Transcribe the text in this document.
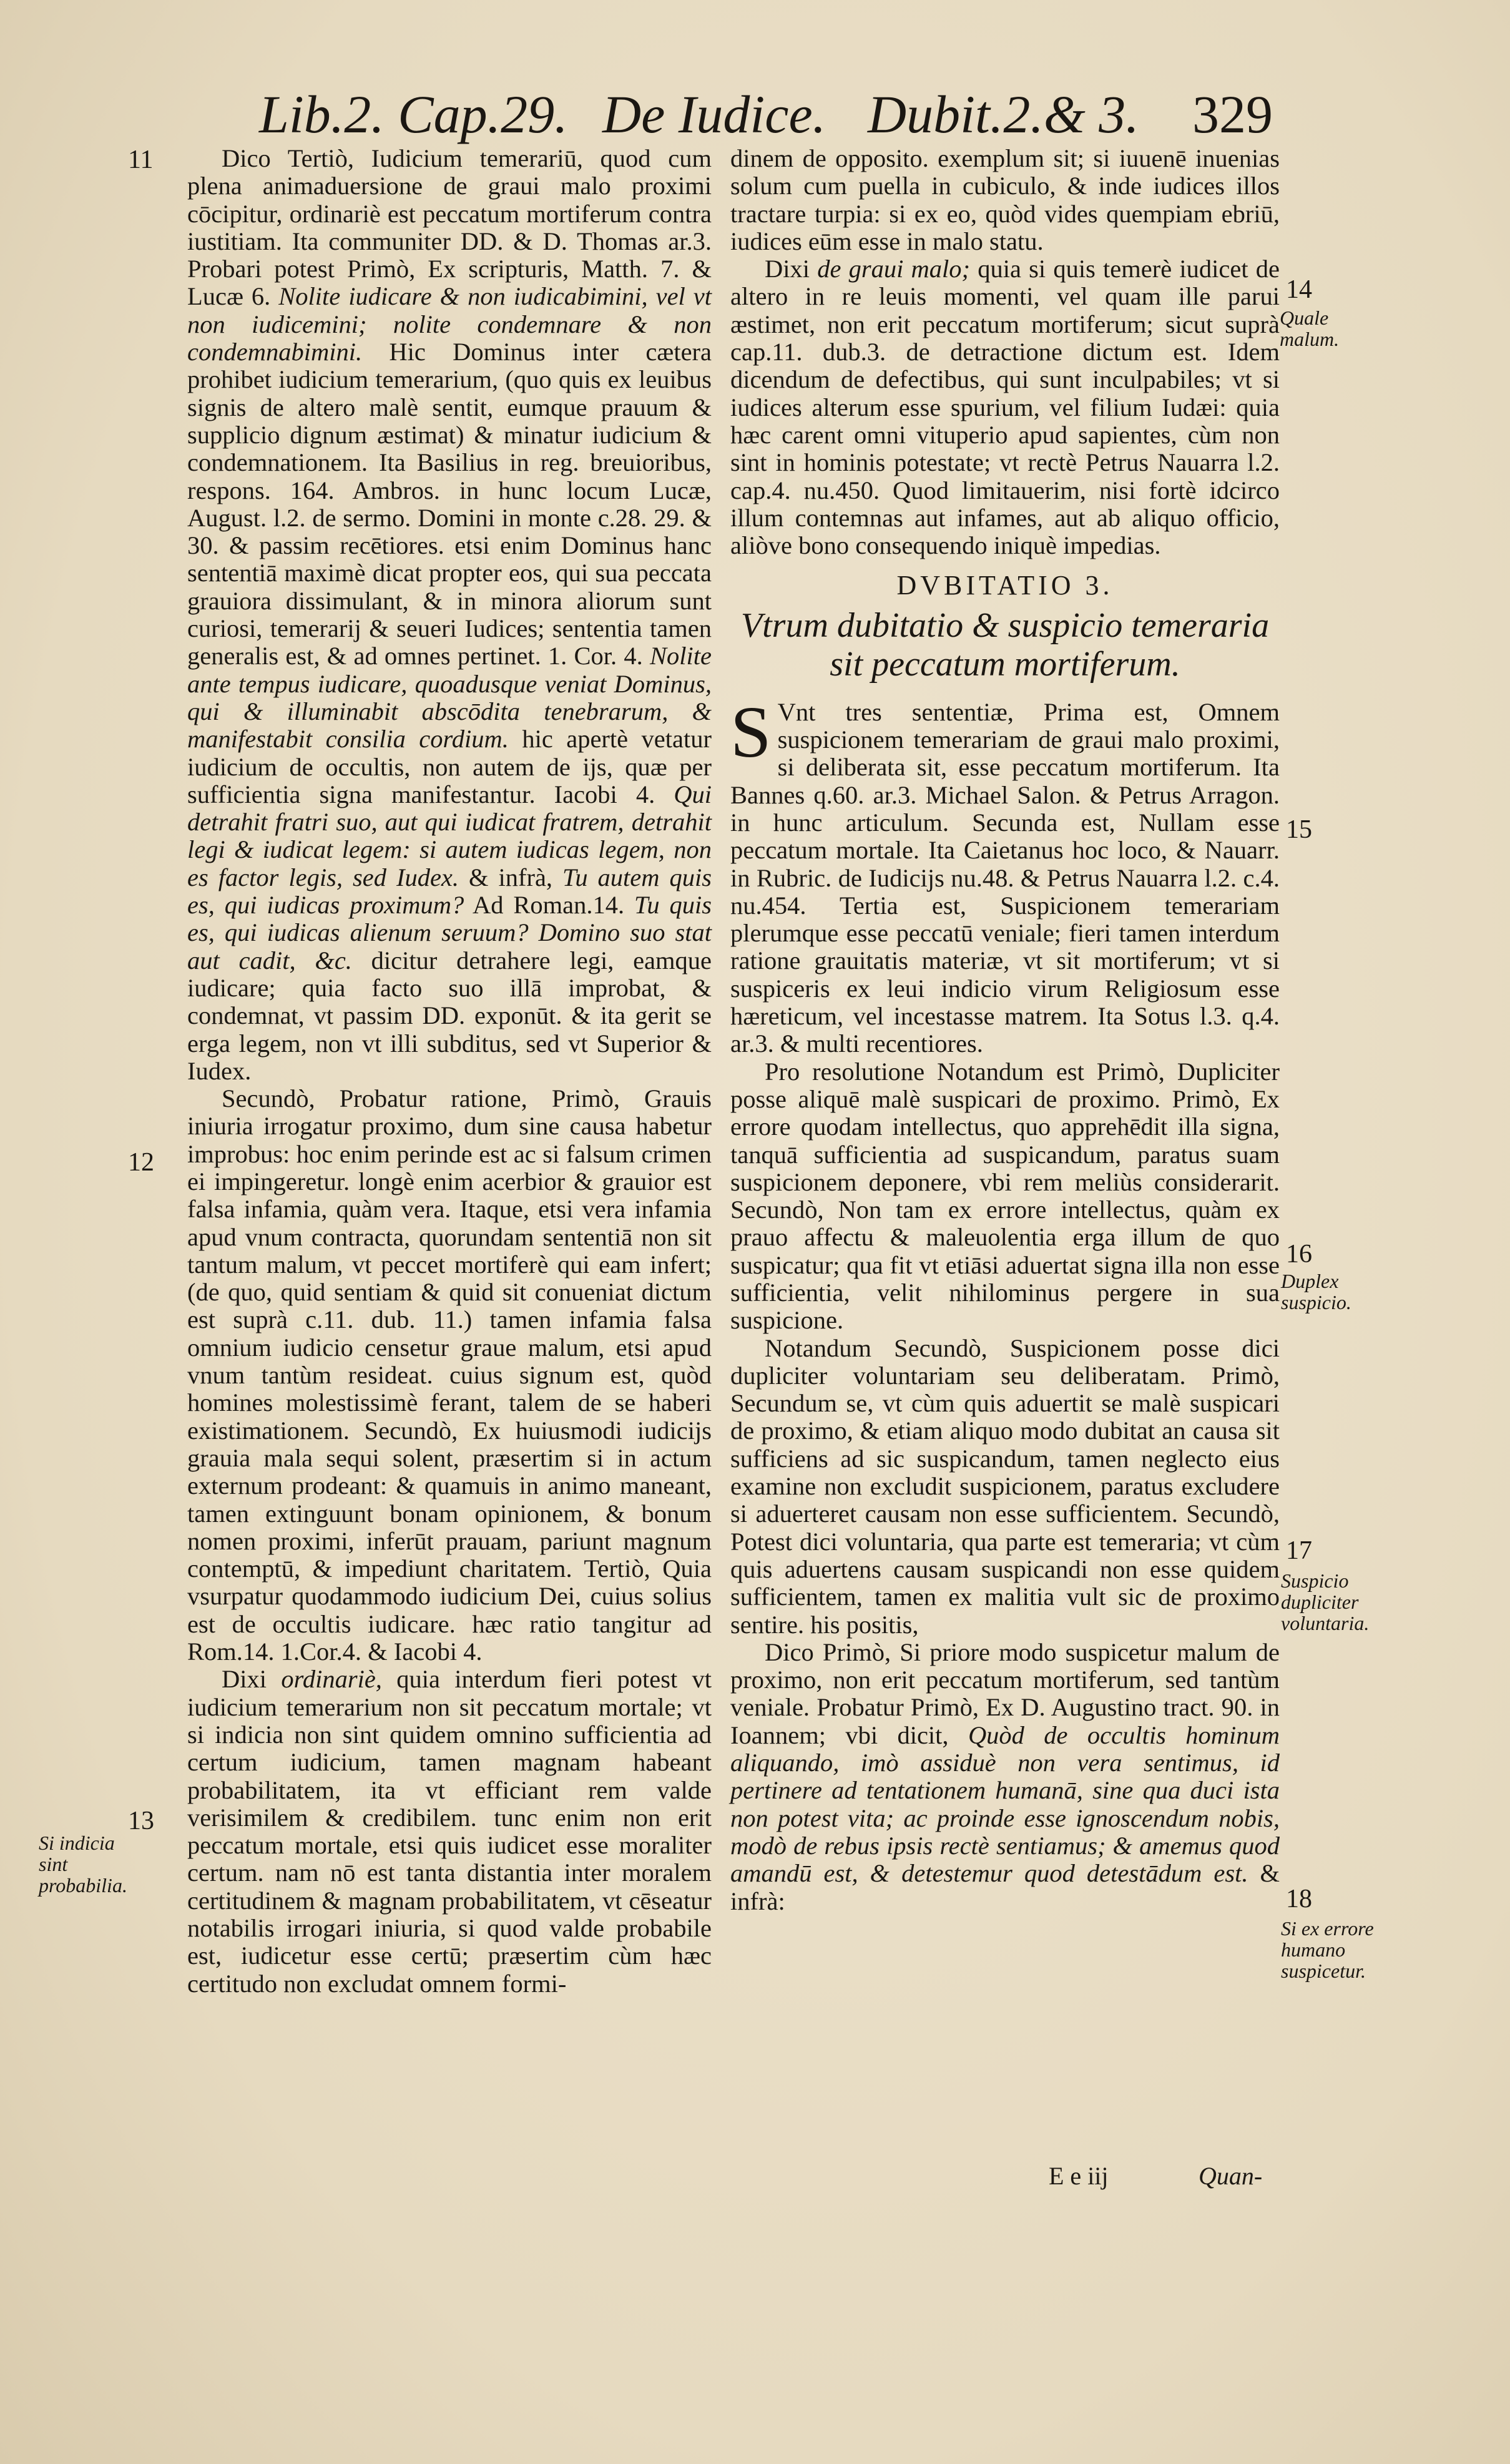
Lib.2. Cap.29. De Iudice. Dubit.2.& 3. 329
11
12
13
Si indicia sint probabilia.
14
Quale malum.
15
16
Duplex suspicio.
17
Suspicio dupliciter voluntaria.
18
Si ex errore humano suspicetur.

Dico Tertiò, Iudicium temerariū, quod cum plena animaduersione de graui malo proximi cōcipitur, ordinariè est peccatum mortiferum contra iustitiam. Ita communiter DD. & D. Thomas ar.3. Probari potest Primò, Ex scripturis, Matth. 7. & Lucæ 6. Nolite iudicare & non iudicabimini, vel vt non iudicemini; nolite condemnare & non condemnabimini. Hic Dominus inter cætera prohibet iudicium temerarium, (quo quis ex leuibus signis de altero malè sentit, eumque prauum & supplicio dignum æstimat) & minatur iudicium & condemnationem. Ita Basilius in reg. breuioribus, respons. 164. Ambros. in hunc locum Lucæ, August. l.2. de sermo. Domini in monte c.28. 29. & 30. & passim recētiores. etsi enim Dominus hanc sententiā maximè dicat propter eos, qui sua peccata grauiora dissimulant, & in minora aliorum sunt curiosi, temerarij & seueri Iudices; sententia tamen generalis est, & ad omnes pertinet. 1. Cor. 4. Nolite ante tempus iudicare, quoadusque veniat Dominus, qui & illuminabit abscōdita tenebrarum, & manifestabit consilia cordium. hic apertè vetatur iudicium de occultis, non autem de ijs, quæ per sufficientia signa manifestantur. Iacobi 4. Qui detrahit fratri suo, aut qui iudicat fratrem, detrahit legi & iudicat legem: si autem iudicas legem, non es factor legis, sed Iudex. & infrà, Tu autem quis es, qui iudicas proximum? Ad Roman.14. Tu quis es, qui iudicas alienum seruum? Domino suo stat aut cadit, &c. dicitur detrahere legi, eamque iudicare; quia facto suo illā improbat, & condemnat, vt passim DD. exponūt. & ita gerit se erga legem, non vt illi subditus, sed vt Superior & Iudex.

Secundò, Probatur ratione, Primò, Grauis iniuria irrogatur proximo, dum sine causa habetur improbus: hoc enim perinde est ac si falsum crimen ei impingeretur. longè enim acerbior & grauior est falsa infamia, quàm vera. Itaque, etsi vera infamia apud vnum contracta, quorundam sententiā non sit tantum malum, vt peccet mortiferè qui eam infert; (de quo, quid sentiam & quid sit conueniat dictum est suprà c.11. dub. 11.) tamen infamia falsa omnium iudicio censetur graue malum, etsi apud vnum tantùm resideat. cuius signum est, quòd homines molestissimè ferant, talem de se haberi existimationem. Secundò, Ex huiusmodi iudicijs grauia mala sequi solent, præsertim si in actum externum prodeant: & quamuis in animo maneant, tamen extinguunt bonam opinionem, & bonum nomen proximi, inferūt prauam, pariunt magnum contemptū, & impediunt charitatem. Tertiò, Quia vsurpatur quodammodo iudicium Dei, cuius solius est de occultis iudicare. hæc ratio tangitur ad Rom.14. 1.Cor.4. & Iacobi 4.

Dixi ordinariè, quia interdum fieri potest vt iudicium temerarium non sit peccatum mortale; vt si indicia non sint quidem omnino sufficientia ad certum iudicium, tamen magnam habeant probabilitatem, ita vt efficiant rem valde verisimilem & credibilem. tunc enim non erit peccatum mortale, etsi quis iudicet esse moraliter certum. nam nō est tanta distantia inter moralem certitudinem & magnam probabilitatem, vt cēseatur notabilis irrogari iniuria, si quod valde probabile est, iudicetur esse certū; præsertim cùm hæc certitudo non excludat omnem formi-

dinem de opposito. exemplum sit; si iuuenē inuenias solum cum puella in cubiculo, & inde iudices illos tractare turpia: si ex eo, quòd vides quempiam ebriū, iudices eūm esse in malo statu.

Dixi de graui malo; quia si quis temerè iudicet de altero in re leuis momenti, vel quam ille parui æstimet, non erit peccatum mortiferum; sicut suprà cap.11. dub.3. de detractione dictum est. Idem dicendum de defectibus, qui sunt inculpabiles; vt si iudices alterum esse spurium, vel filium Iudæi: quia hæc carent omni vituperio apud sapientes, cùm non sint in hominis potestate; vt rectè Petrus Nauarra l.2. cap.4. nu.450. Quod limitauerim, nisi fortè idcirco illum contemnas aut infames, aut ab aliquo officio, aliòve bono consequendo iniquè impedias.

DVBITATIO 3.
Vtrum dubitatio & suspicio temeraria sit peccatum mortiferum.

S Vnt tres sententiæ, Prima est, Omnem suspicionem temerariam de graui malo proximi, si deliberata sit, esse peccatum mortiferum. Ita Bannes q.60. ar.3. Michael Salon. & Petrus Arragon. in hunc articulum. Secunda est, Nullam esse peccatum mortale. Ita Caietanus hoc loco, & Nauarr. in Rubric. de Iudicijs nu.48. & Petrus Nauarra l.2. c.4. nu.454. Tertia est, Suspicionem temerariam plerumque esse peccatū veniale; fieri tamen interdum ratione grauitatis materiæ, vt sit mortiferum; vt si suspiceris ex leui indicio virum Religiosum esse hæreticum, vel incestasse matrem. Ita Sotus l.3. q.4. ar.3. & multi recentiores.

Pro resolutione Notandum est Primò, Dupliciter posse aliquē malè suspicari de proximo. Primò, Ex errore quodam intellectus, quo apprehēdit illa signa, tanquā sufficientia ad suspicandum, paratus suam suspicionem deponere, vbi rem meliùs considerarit. Secundò, Non tam ex errore intellectus, quàm ex prauo affectu & maleuolentia erga illum de quo suspicatur; qua fit vt etiāsi aduertat signa illa non esse sufficientia, velit nihilominus pergere in sua suspicione.

Notandum Secundò, Suspicionem posse dici dupliciter voluntariam seu deliberatam. Primò, Secundum se, vt cùm quis aduertit se malè suspicari de proximo, & etiam aliquo modo dubitat an causa sit sufficiens ad sic suspicandum, tamen neglecto eius examine non excludit suspicionem, paratus excludere si aduerteret causam non esse sufficientem. Secundò, Potest dici voluntaria, qua parte est temeraria; vt cùm quis aduertens causam suspicandi non esse quidem sufficientem, tamen ex malitia vult sic de proximo sentire. his positis,

Dico Primò, Si priore modo suspicetur malum de proximo, non erit peccatum mortiferum, sed tantùm veniale. Probatur Primò, Ex D. Augustino tract. 90. in Ioannem; vbi dicit, Quòd de occultis hominum aliquando, imò assiduè non vera sentimus, id pertinere ad tentationem humanā, sine qua duci ista non potest vita; ac proinde esse ignoscendum nobis, modò de rebus ipsis rectè sentiamus; & amemus quod amandū est, & detestemur quod detestādum est. & infrà:

E e iij	Quan-
